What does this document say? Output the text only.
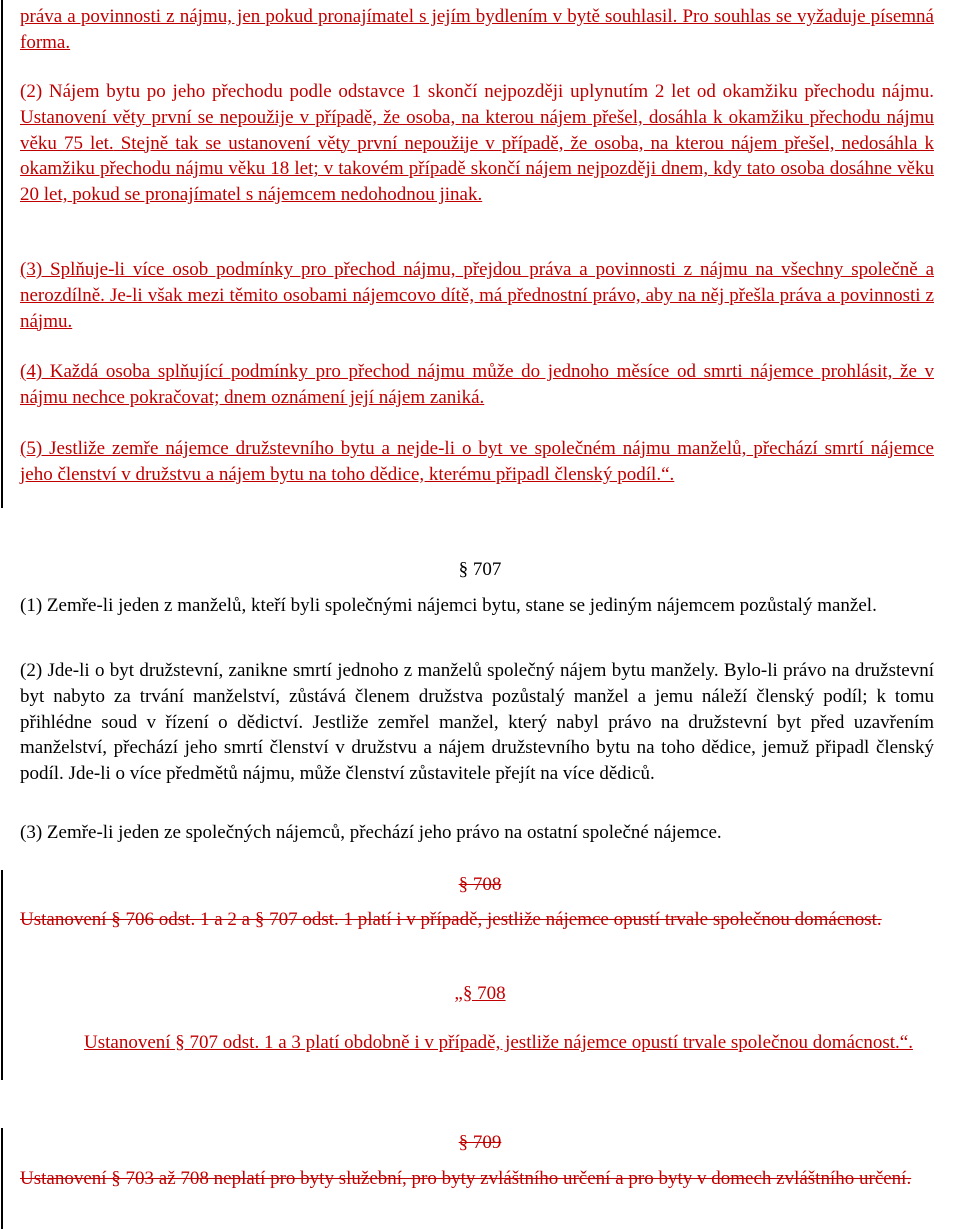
práva a povinnosti z nájmu, jen pokud pronajímatel s jejím bydlením v bytě souhlasil. Pro souhlas se vyžaduje písemná forma.

(2) Nájem bytu po jeho přechodu podle odstavce 1 skončí nejpozději uplynutím 2 let od okamžiku přechodu nájmu. Ustanovení věty první se nepoužije v případě, že osoba, na kterou nájem přešel, dosáhla k okamžiku přechodu nájmu věku 75 let. Stejně tak se ustanovení věty první nepoužije v případě, že osoba, na kterou nájem přešel, nedosáhla k okamžiku přechodu nájmu věku 18 let; v takovém případě skončí nájem nejpozději dnem, kdy tato osoba dosáhne věku 20 let, pokud se pronajímatel s nájemcem nedohodnou jinak.

(3) Splňuje-li více osob podmínky pro přechod nájmu, přejdou práva a povinnosti z nájmu na všechny společně a nerozdílně. Je-li však mezi těmito osobami nájemcovo dítě, má přednostní právo, aby na něj přešla práva a povinnosti z nájmu.

(4) Každá osoba splňující podmínky pro přechod nájmu může do jednoho měsíce od smrti nájemce prohlásit, že v nájmu nechce pokračovat; dnem oznámení její nájem zaniká.

(5) Jestliže zemře nájemce družstevního bytu a nejde-li o byt ve společném nájmu manželů, přechází smrtí nájemce jeho členství v družstvu a nájem bytu na toho dědice, kterému připadl členský podíl.“.

§ 707

(1) Zemře-li jeden z manželů, kteří byli společnými nájemci bytu, stane se jediným nájemcem pozůstalý manžel.

(2) Jde-li o byt družstevní, zanikne smrtí jednoho z manželů společný nájem bytu manžely. Bylo-li právo na družstevní byt nabyto za trvání manželství, zůstává členem družstva pozůstalý manžel a jemu náleží členský podíl; k tomu přihlédne soud v řízení o dědictví. Jestliže zemřel manžel, který nabyl právo na družstevní byt před uzavřením manželství, přechází jeho smrtí členství v družstvu a nájem družstevního bytu na toho dědice, jemuž připadl členský podíl. Jde-li o více předmětů nájmu, může členství zůstavitele přejít na více dědiců.

(3) Zemře-li jeden ze společných nájemců, přechází jeho právo na ostatní společné nájemce.

§ 708

Ustanovení § 706 odst. 1 a 2 a § 707 odst. 1 platí i v případě, jestliže nájemce opustí trvale společnou domácnost.

„§ 708

Ustanovení § 707 odst. 1 a 3 platí obdobně i v případě, jestliže nájemce opustí trvale společnou domácnost.“.

§ 709

Ustanovení § 703 až 708 neplatí pro byty služební, pro byty zvláštního určení a pro byty v domech zvláštního určení.
